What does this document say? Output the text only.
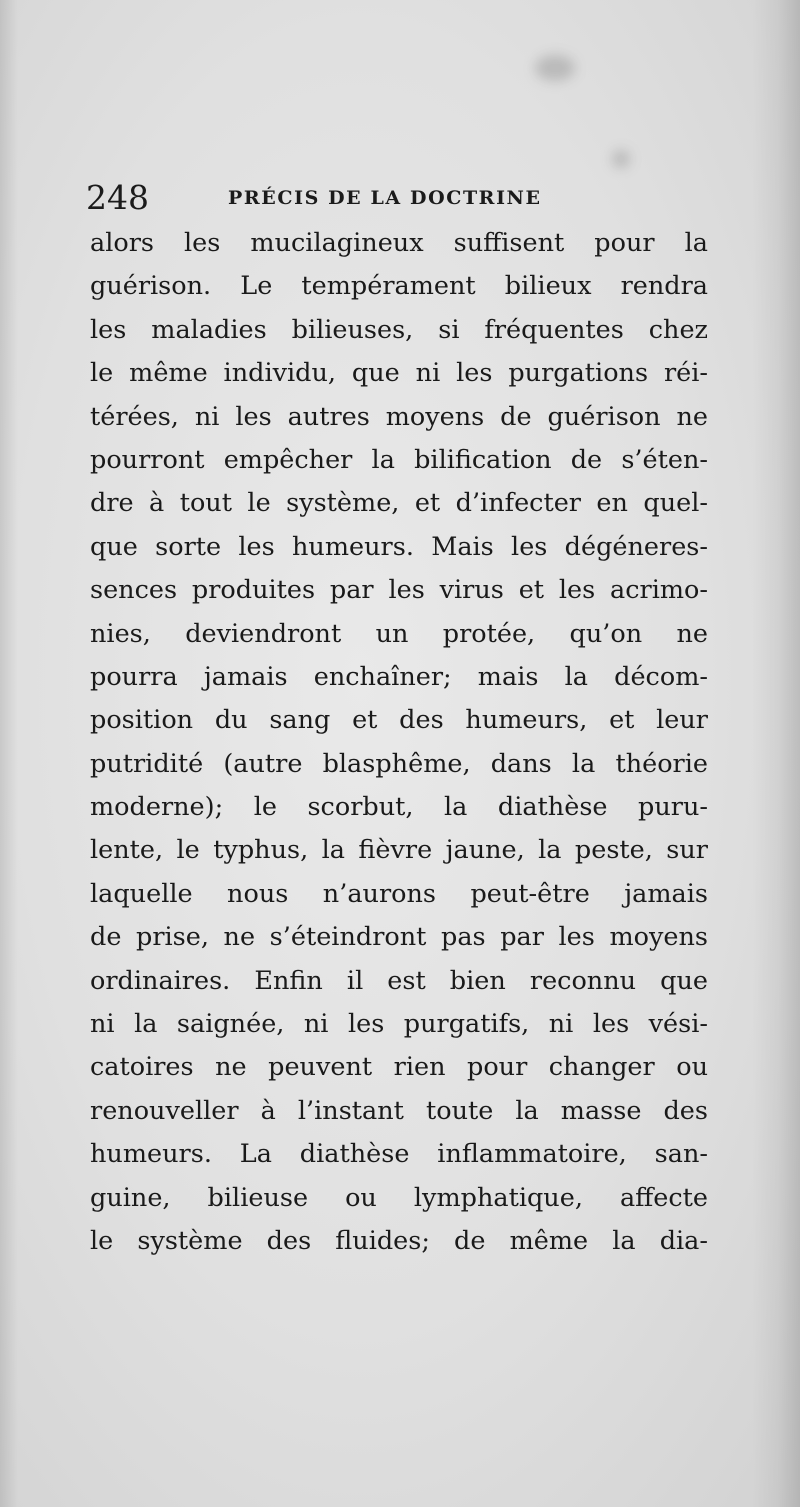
248	PRÉCIS DE LA DOCTRINE
alors les mucilagineux suffisent pour la
guérison. Le tempérament bilieux rendra
les maladies bilieuses, si fréquentes chez
le même individu, que ni les purgations réi-
térées, ni les autres moyens de guérison ne
pourront empêcher la bilification de s’éten-
dre à tout le système, et d’infecter en quel-
que sorte les humeurs. Mais les dégéneres-
sences produites par les virus et les acrimo-
nies, deviendront un protée, qu’on ne
pourra jamais enchaîner; mais la décom-
position du sang et des humeurs, et leur
putridité (autre blasphême, dans la théorie
moderne); le scorbut, la diathèse puru-
lente, le typhus, la fièvre jaune, la peste, sur
laquelle nous n’aurons peut-être jamais
de prise, ne s’éteindront pas par les moyens
ordinaires. Enfin il est bien reconnu que
ni la saignée, ni les purgatifs, ni les vési-
catoires ne peuvent rien pour changer ou
renouveller à l’instant toute la masse des
humeurs. La diathèse inflammatoire, san-
guine, bilieuse ou lymphatique, affecte
le système des fluides; de même la dia-
